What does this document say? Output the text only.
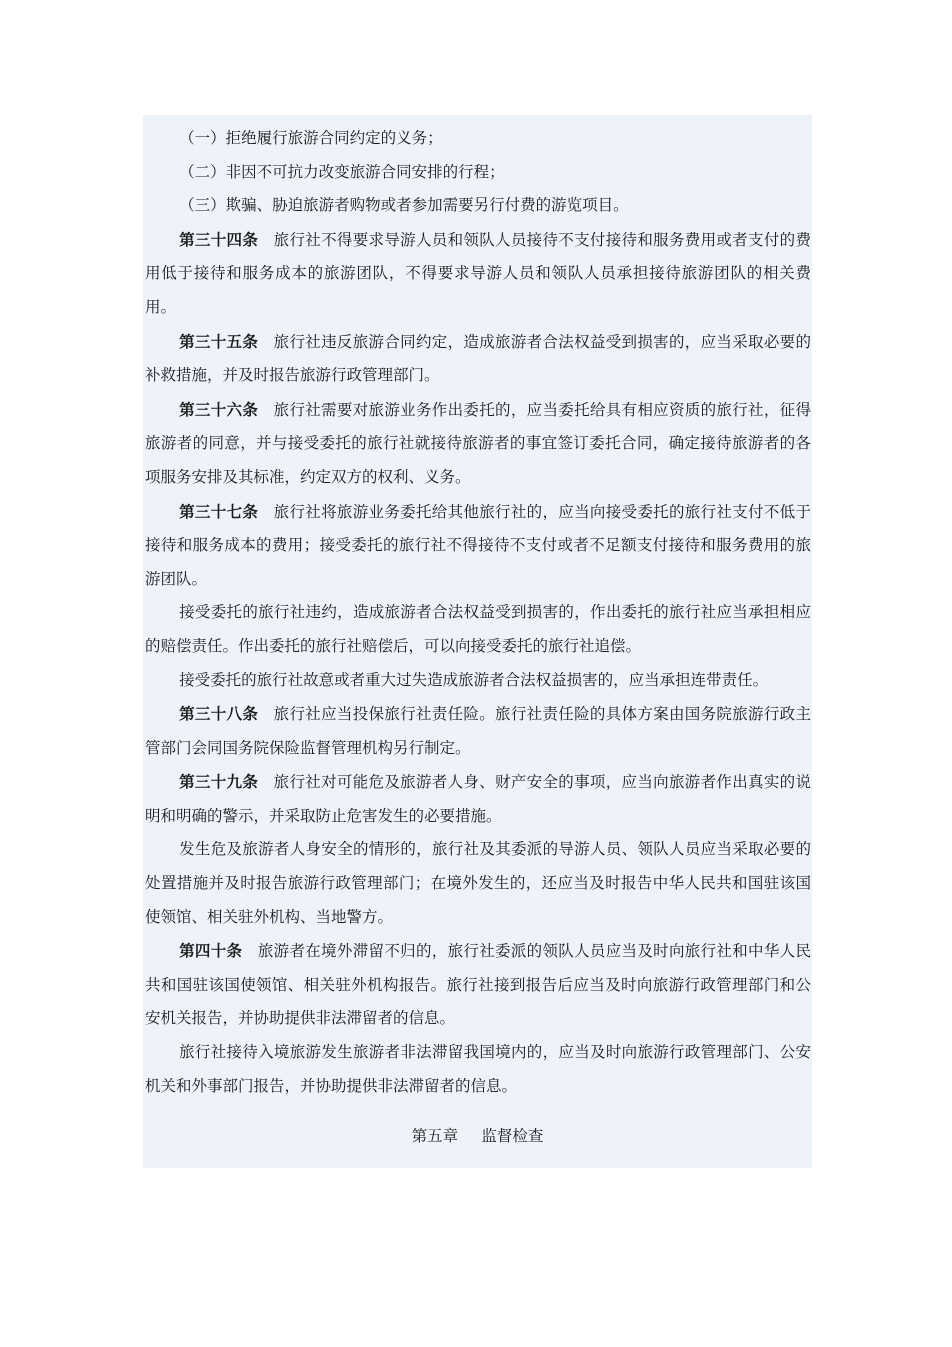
（一）拒绝履行旅游合同约定的义务；

（二）非因不可抗力改变旅游合同安排的行程；

（三）欺骗、胁迫旅游者购物或者参加需要另行付费的游览项目。

第三十四条 旅行社不得要求导游人员和领队人员接待不支付接待和服务费用或者支付的费用低于接待和服务成本的旅游团队，不得要求导游人员和领队人员承担接待旅游团队的相关费用。

第三十五条 旅行社违反旅游合同约定，造成旅游者合法权益受到损害的，应当采取必要的补救措施，并及时报告旅游行政管理部门。

第三十六条 旅行社需要对旅游业务作出委托的，应当委托给具有相应资质的旅行社，征得旅游者的同意，并与接受委托的旅行社就接待旅游者的事宜签订委托合同，确定接待旅游者的各项服务安排及其标准，约定双方的权利、义务。

第三十七条 旅行社将旅游业务委托给其他旅行社的，应当向接受委托的旅行社支付不低于接待和服务成本的费用；接受委托的旅行社不得接待不支付或者不足额支付接待和服务费用的旅游团队。

接受委托的旅行社违约，造成旅游者合法权益受到损害的，作出委托的旅行社应当承担相应的赔偿责任。作出委托的旅行社赔偿后，可以向接受委托的旅行社追偿。

接受委托的旅行社故意或者重大过失造成旅游者合法权益损害的，应当承担连带责任。

第三十八条 旅行社应当投保旅行社责任险。旅行社责任险的具体方案由国务院旅游行政主管部门会同国务院保险监督管理机构另行制定。

第三十九条 旅行社对可能危及旅游者人身、财产安全的事项，应当向旅游者作出真实的说明和明确的警示，并采取防止危害发生的必要措施。

发生危及旅游者人身安全的情形的，旅行社及其委派的导游人员、领队人员应当采取必要的处置措施并及时报告旅游行政管理部门；在境外发生的，还应当及时报告中华人民共和国驻该国使领馆、相关驻外机构、当地警方。

第四十条 旅游者在境外滞留不归的，旅行社委派的领队人员应当及时向旅行社和中华人民共和国驻该国使领馆、相关驻外机构报告。旅行社接到报告后应当及时向旅游行政管理部门和公安机关报告，并协助提供非法滞留者的信息。

旅行社接待入境旅游发生旅游者非法滞留我国境内的，应当及时向旅游行政管理部门、公安机关和外事部门报告，并协助提供非法滞留者的信息。

第五章 监督检查
